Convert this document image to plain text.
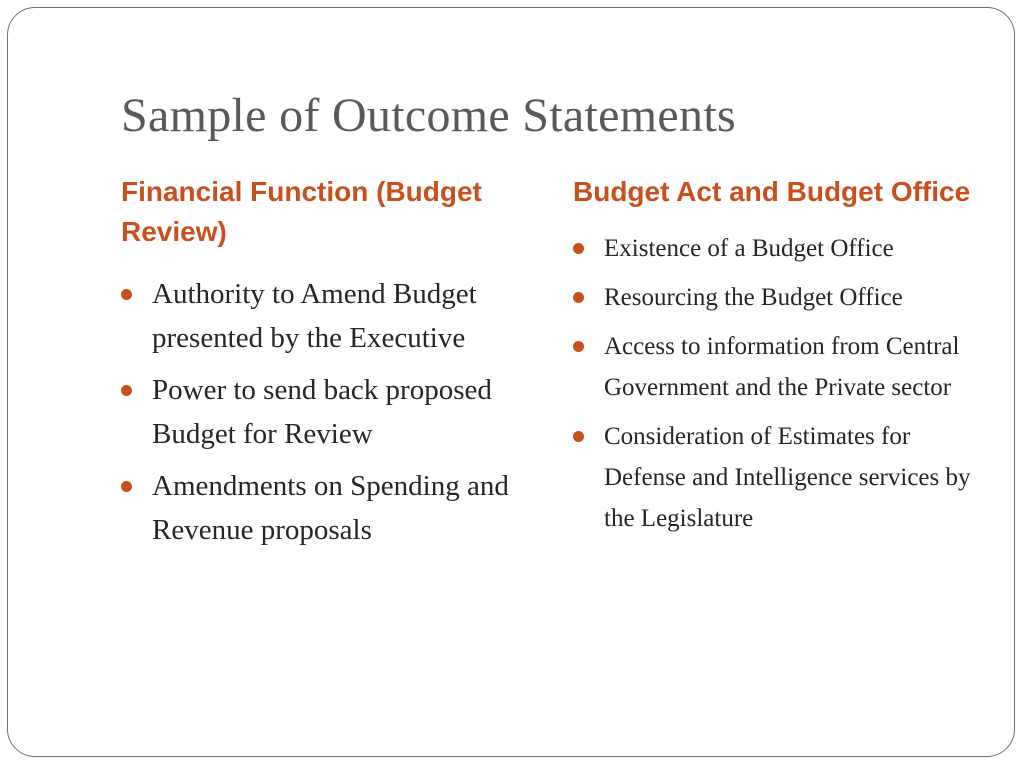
Sample of Outcome Statements
Financial Function (Budget Review)
Authority to Amend Budget presented by the Executive
Power to send back proposed Budget for Review
Amendments on Spending and Revenue proposals
Budget Act and Budget Office
Existence of a Budget Office
Resourcing the Budget Office
Access to information from Central Government and the Private sector
Consideration of Estimates for Defense and Intelligence services by the Legislature
